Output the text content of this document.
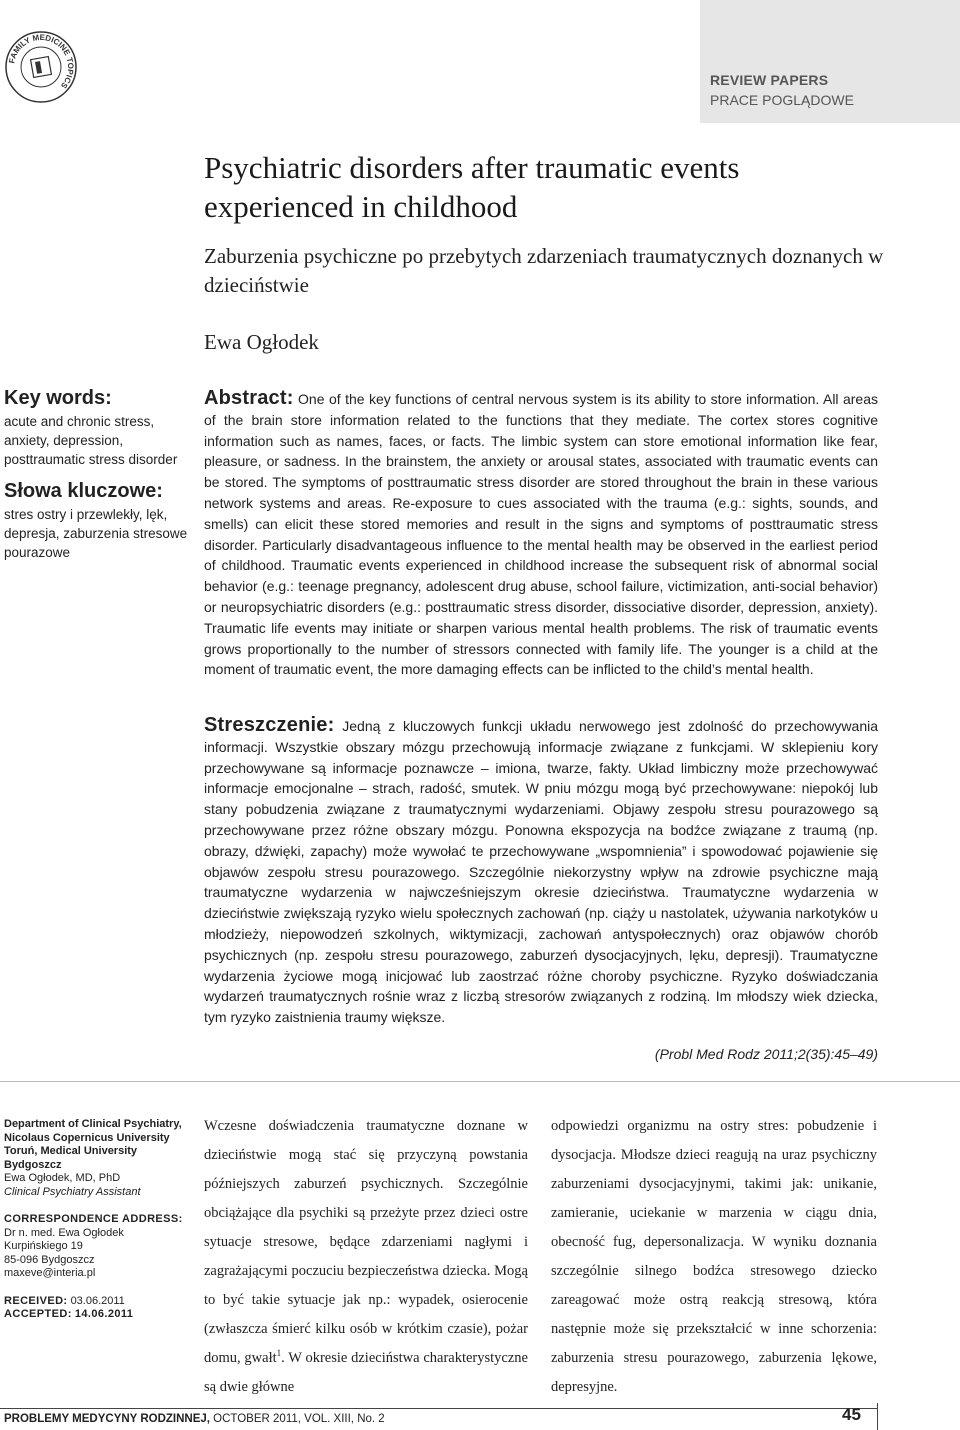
FAMILY MEDICINE TOPICS	REVIEW PAPERS
PRACE POGLĄDOWE
Psychiatric disorders after traumatic events experienced in childhood
Zaburzenia psychiczne po przebytych zdarzeniach traumatycznych doznanych w dzieciństwie
Ewa Ogłodek
Key words:
acute and chronic stress, anxiety, depression, posttraumatic stress disorder
Słowa kluczowe:
stres ostry i przewlekły, lęk, depresja, zaburzenia stresowe pourazowe
Abstract: One of the key functions of central nervous system is its ability to store information. All areas of the brain store information related to the functions that they mediate. The cortex stores cognitive information such as names, faces, or facts. The limbic system can store emotional information like fear, pleasure, or sadness. In the brainstem, the anxiety or arousal states, associated with traumatic events can be stored. The symptoms of posttraumatic stress disorder are stored throughout the brain in these various network systems and areas. Re-exposure to cues associated with the trauma (e.g.: sights, sounds, and smells) can elicit these stored memories and result in the signs and symptoms of posttraumatic stress disorder. Particularly disadvantageous influence to the mental health may be observed in the earliest period of childhood. Traumatic events experienced in childhood increase the subsequent risk of abnormal social behavior (e.g.: teenage pregnancy, adolescent drug abuse, school failure, victimization, anti-social behavior) or neuropsychiatric disorders (e.g.: posttraumatic stress disorder, dissociative disorder, depression, anxiety). Traumatic life events may initiate or sharpen various mental health problems. The risk of traumatic events grows proportionally to the number of stressors connected with family life. The younger is a child at the moment of traumatic event, the more damaging effects can be inflicted to the child’s mental health.
Streszczenie: Jedną z kluczowych funkcji układu nerwowego jest zdolność do przechowywania informacji. Wszystkie obszary mózgu przechowują informacje związane z funkcjami. W sklepieniu kory przechowywane są informacje poznawcze – imiona, twarze, fakty. Układ limbiczny może przechowywać informacje emocjonalne – strach, radość, smutek. W pniu mózgu mogą być przechowywane: niepokój lub stany pobudzenia związane z traumatycznymi wydarzeniami. Objawy zespołu stresu pourazowego są przechowywane przez różne obszary mózgu. Ponowna ekspozycja na bodźce związane z traumą (np. obrazy, dźwięki, zapachy) może wywołać te przechowywane „wspomnienia” i spowodować pojawienie się objawów zespołu stresu pourazowego. Szczególnie niekorzystny wpływ na zdrowie psychiczne mają traumatyczne wydarzenia w najwcześniejszym okresie dzieciństwa. Traumatyczne wydarzenia w dzieciństwie zwiększają ryzyko wielu społecznych zachowań (np. ciąży u nastolatek, używania narkotyków u młodzieży, niepowodzeń szkolnych, wiktymizacji, zachowań antyspołecznych) oraz objawów chorób psychicznych (np. zespołu stresu pourazowego, zaburzeń dysocjacyjnych, lęku, depresji). Traumatyczne wydarzenia życiowe mogą inicjować lub zaostrzać różne choroby psychiczne. Ryzyko doświadczania wydarzeń traumatycznych rośnie wraz z liczbą stresorów związanych z rodziną. Im młodszy wiek dziecka, tym ryzyko zaistnienia traumy większe.
(Probl Med Rodz 2011;2(35):45–49)
Department of Clinical Psychiatry, Nicolaus Copernicus University Toruń, Medical University Bydgoszcz
Ewa Ogłodek, MD, PhD
Clinical Psychiatry Assistant
CORRESPONDENCE ADDRESS:
Dr n. med. Ewa Ogłodek
Kurpińskiego 19
85-096 Bydgoszcz
maxeve@interia.pl
RECEIVED: 03.06.2011
ACCEPTED: 14.06.2011
Wczesne doświadczenia traumatyczne doznane w dzieciństwie mogą stać się przyczyną powstania późniejszych zaburzeń psychicznych. Szczególnie obciążające dla psychiki są przeżyte przez dzieci ostre sytuacje stresowe, będące zdarzeniami nagłymi i zagrażającymi poczuciu bezpieczeństwa dziecka. Mogą to być takie sytuacje jak np.: wypadek, osierocenie (zwłaszcza śmierć kilku osób w krótkim czasie), pożar domu, gwałt$^1$. W okresie dzieciństwa charakterystyczne są dwie główne
odpowiedzi organizmu na ostry stres: pobudzenie i dysocjacja. Młodsze dzieci reagują na uraz psychiczny zaburzeniami dysocjacyjnymi, takimi jak: unikanie, zamieranie, uciekanie w marzenia w ciągu dnia, obecność fug, depersonalizacja. W wyniku doznania szczególnie silnego bodźca stresowego dziecko zareagować może ostrą reakcją stresową, która następnie może się przekształcić w inne schorzenia: zaburzenia stresu pourazowego, zaburzenia lękowe, depresyjne.
PROBLEMY MEDYCYNY RODZINNEJ, OCTOBER 2011, VOL. XIII, No. 2	45
